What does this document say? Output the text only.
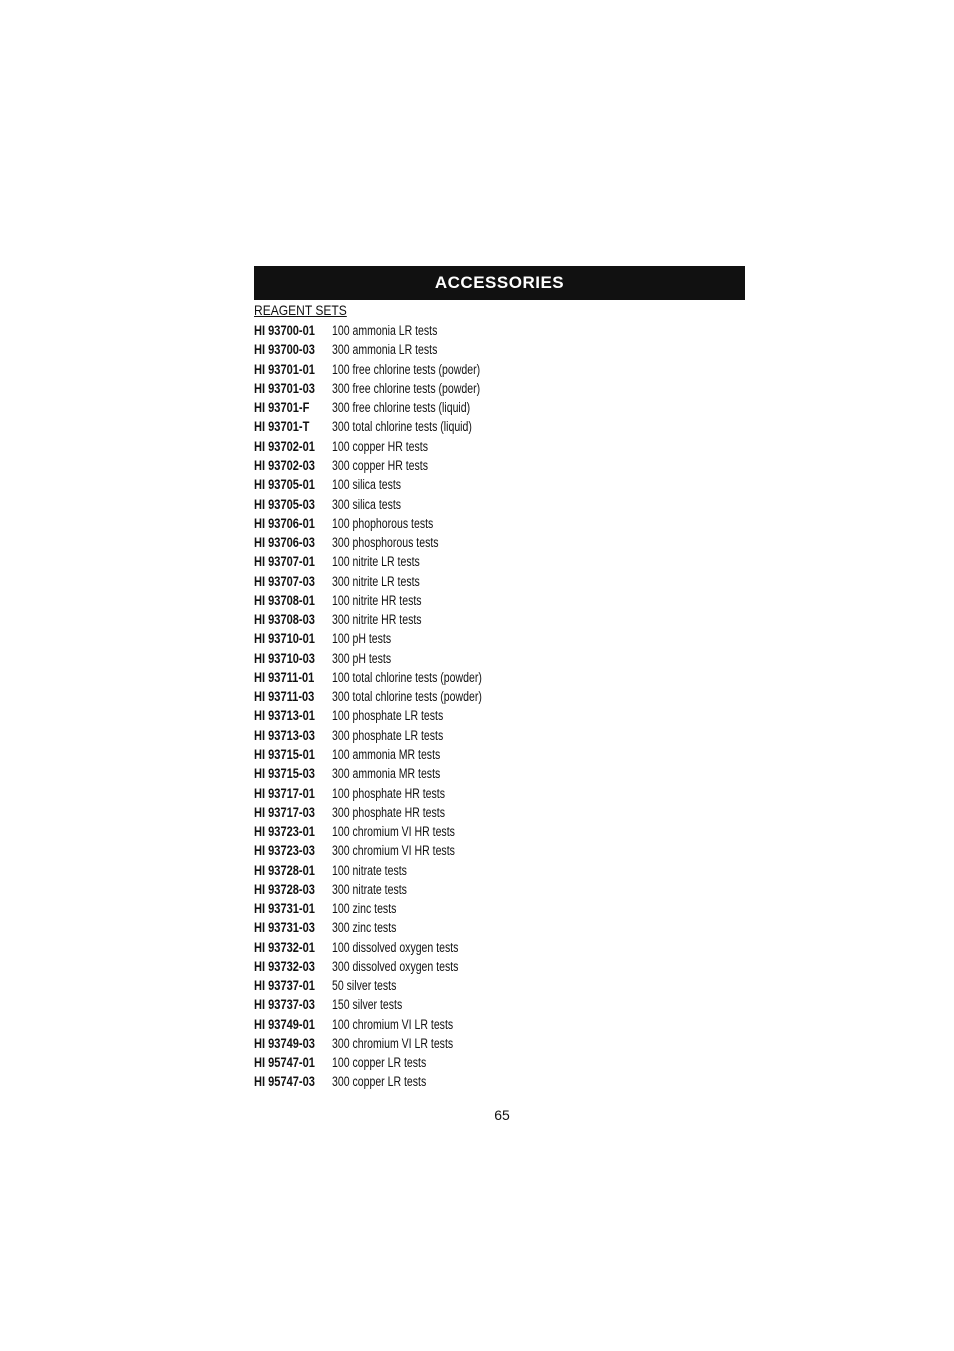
ACCESSORIES
REAGENT SETS
HI 93700-01 100 ammonia LR tests
HI 93700-03 300 ammonia LR tests
HI 93701-01 100 free chlorine tests (powder)
HI 93701-03 300 free chlorine tests (powder)
HI 93701-F	300 free chlorine tests (liquid)
HI 93701-T	300 total chlorine tests (liquid)
HI 93702-01 100 copper HR tests
HI 93702-03 300 copper HR tests
HI 93705-01 100 silica tests
HI 93705-03 300 silica tests
HI 93706-01 100 phophorous tests
HI 93706-03 300 phosphorous tests
HI 93707-01 100 nitrite LR tests
HI 93707-03 300 nitrite LR tests
HI 93708-01 100 nitrite HR tests
HI 93708-03 300 nitrite HR tests
HI 93710-01 100 pH tests
HI 93710-03 300 pH tests
HI 93711-01 100 total chlorine tests (powder)
HI 93711-03 300 total chlorine tests (powder)
HI 93713-01 100 phosphate LR tests
HI 93713-03 300 phosphate LR tests
HI 93715-01 100 ammonia MR tests
HI 93715-03 300 ammonia MR tests
HI 93717-01 100 phosphate HR tests
HI 93717-03 300 phosphate HR tests
HI 93723-01 100 chromium VI HR tests
HI 93723-03 300 chromium VI HR tests
HI 93728-01 100 nitrate tests
HI 93728-03 300 nitrate tests
HI 93731-01 100 zinc tests
HI 93731-03 300 zinc tests
HI 93732-01 100 dissolved oxygen tests
HI 93732-03 300 dissolved oxygen tests
HI 93737-01 50 silver tests
HI 93737-03 150 silver tests
HI 93749-01 100 chromium VI LR tests
HI 93749-03 300 chromium VI LR tests
HI 95747-01 100 copper LR tests
HI 95747-03 300 copper LR tests
65
